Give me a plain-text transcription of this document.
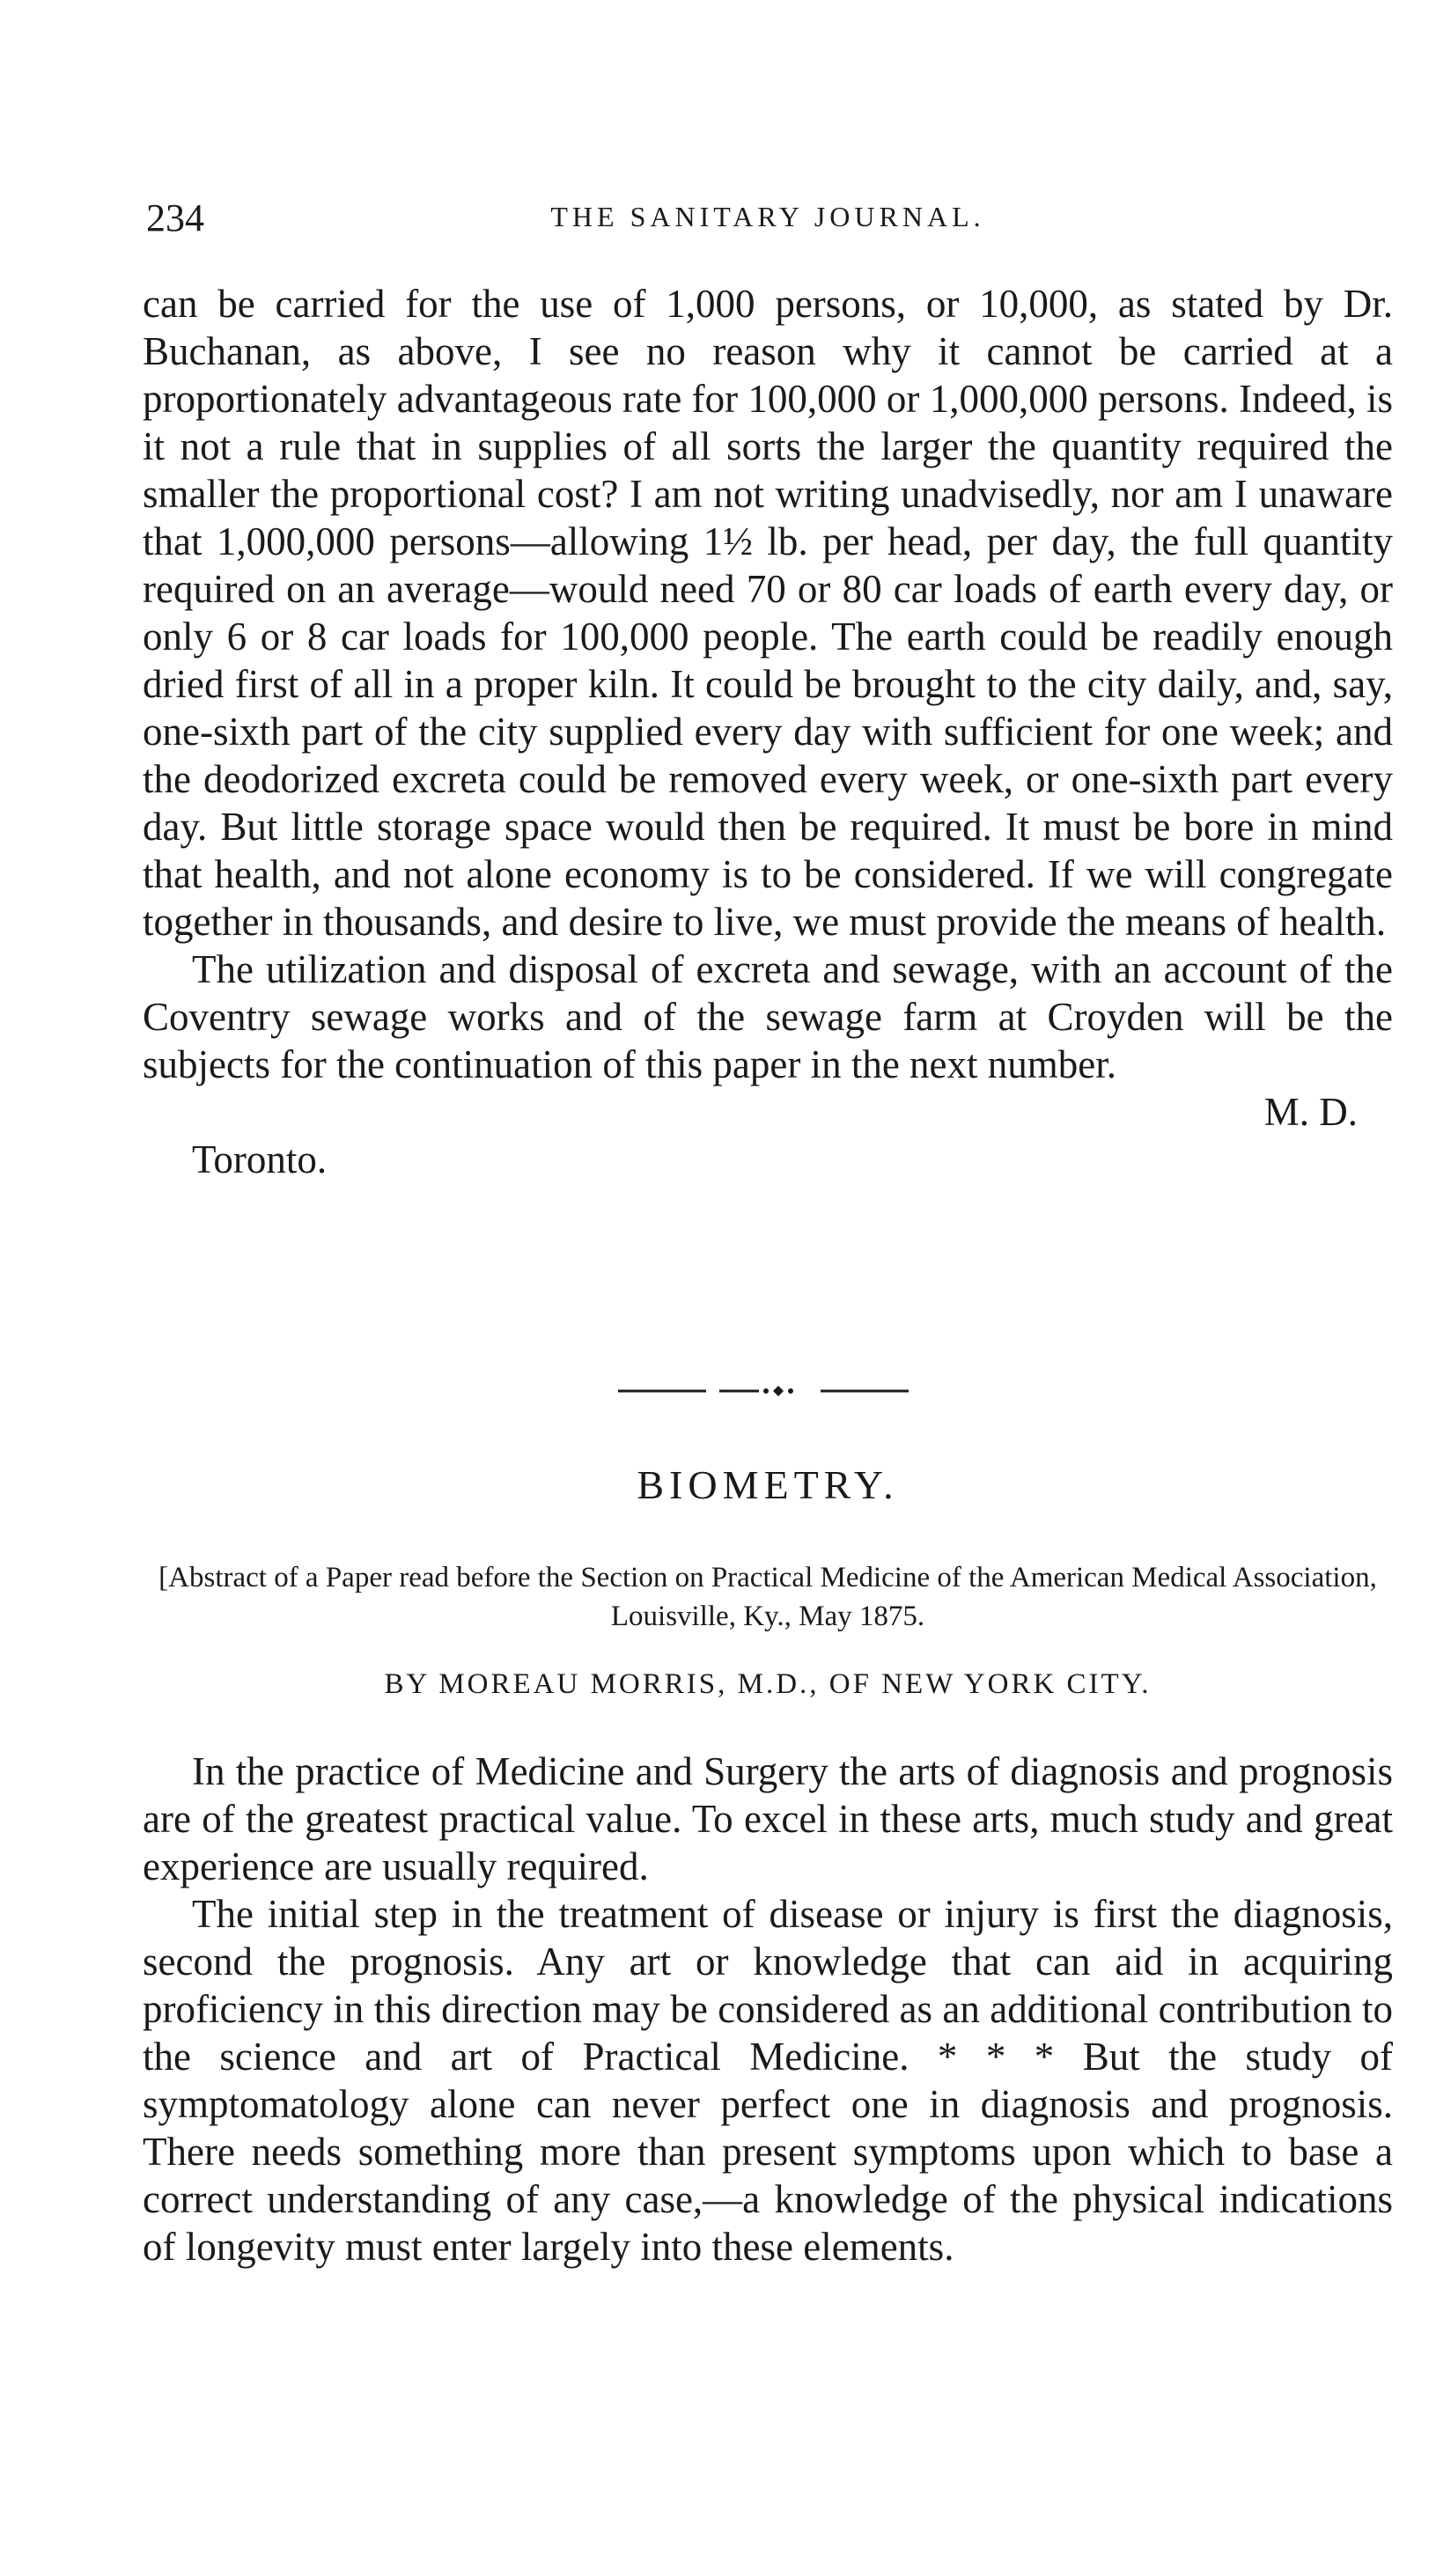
234	THE SANITARY JOURNAL.

can be carried for the use of 1,000 persons, or 10,000, as stated by Dr. Buchanan, as above, I see no reason why it cannot be carried at a proportionately advantageous rate for 100,000 or 1,000,000 persons. Indeed, is it not a rule that in supplies of all sorts the larger the quantity required the smaller the proportional cost? I am not writing unadvisedly, nor am I unaware that 1,000,000 persons—allowing 1½ lb. per head, per day, the full quantity required on an average—would need 70 or 80 car loads of earth every day, or only 6 or 8 car loads for 100,000 people. The earth could be readily enough dried first of all in a proper kiln. It could be brought to the city daily, and, say, one-sixth part of the city supplied every day with sufficient for one week; and the deodorized excreta could be removed every week, or one-sixth part every day. But little storage space would then be required. It must be bore in mind that health, and not alone economy is to be considered. If we will congregate together in thousands, and desire to live, we must provide the means of health.

The utilization and disposal of excreta and sewage, with an account of the Coventry sewage works and of the sewage farm at Croyden will be the subjects for the continuation of this paper in the next number.

M. D.

Toronto.

BIOMETRY.
[Abstract of a Paper read before the Section on Practical Medicine of the American Medical Association, Louisville, Ky., May 1875.
BY MOREAU MORRIS, M.D., OF NEW YORK CITY.

In the practice of Medicine and Surgery the arts of diagnosis and prognosis are of the greatest practical value. To excel in these arts, much study and great experience are usually required.

The initial step in the treatment of disease or injury is first the diagnosis, second the prognosis. Any art or knowledge that can aid in acquiring proficiency in this direction may be considered as an additional contribution to the science and art of Practical Medicine. * * * But the study of symptomatology alone can never perfect one in diagnosis and prognosis. There needs something more than present symptoms upon which to base a correct understanding of any case,—a knowledge of the physical indications of longevity must enter largely into these elements.
